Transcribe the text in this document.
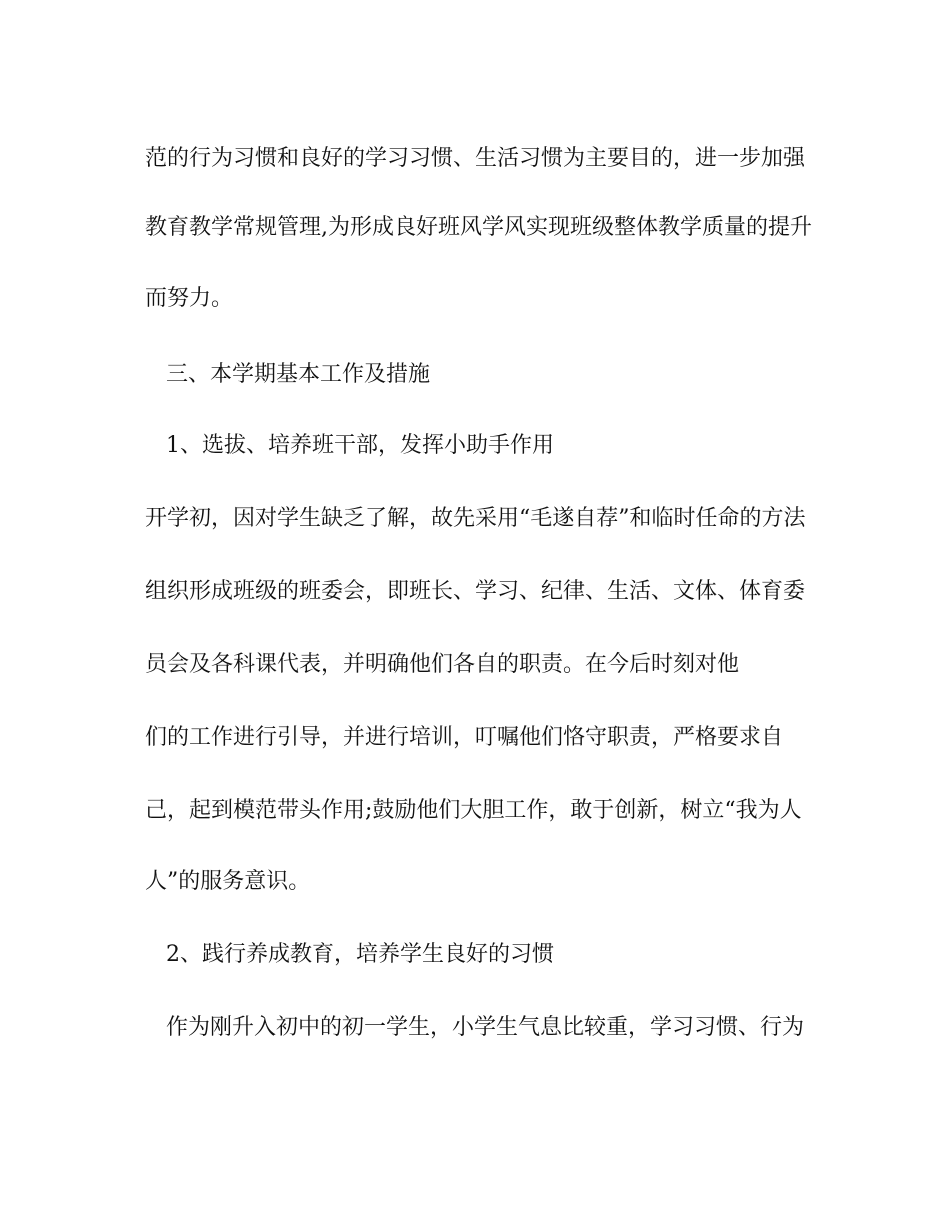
范的行为习惯和良好的学习习惯、生活习惯为主要目的，进一步加强
教育教学常规管理,为形成良好班风学风实现班级整体教学质量的提升
而努力。
三、本学期基本工作及措施
1、选拔、培养班干部，发挥小助手作用
开学初，因对学生缺乏了解，故先采用“毛遂自荐”和临时任命的方法
组织形成班级的班委会，即班长、学习、纪律、生活、文体、体育委
员会及各科课代表，并明确他们各自的职责。在今后时刻对他
们的工作进行引导，并进行培训，叮嘱他们恪守职责，严格要求自
己，起到模范带头作用;鼓励他们大胆工作，敢于创新，树立“我为人
人”的服务意识。
2、践行养成教育，培养学生良好的习惯
作为刚升入初中的初一学生，小学生气息比较重，学习习惯、行为
